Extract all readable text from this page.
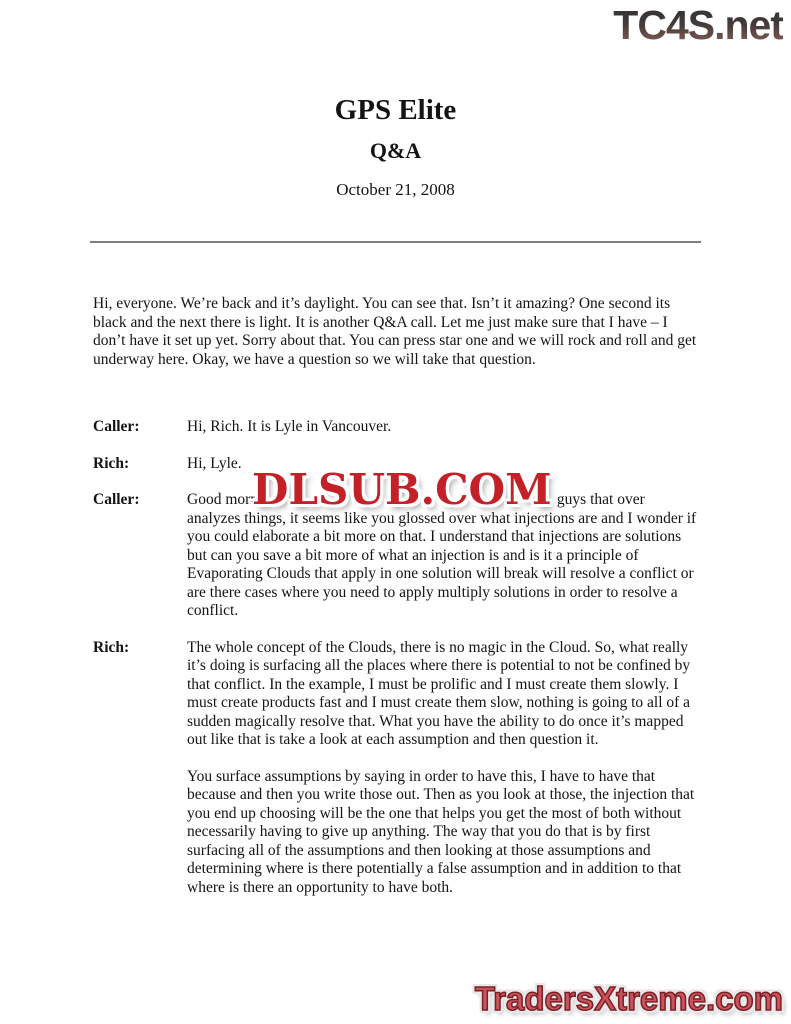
TC4S.net
GPS Elite
Q&A
October 21, 2008

Hi, everyone. We’re back and it’s daylight. You can see that. Isn’t it amazing? One second its black and the next there is light. It is another Q&A call. Let me just make sure that I have – I don’t have it set up yet. Sorry about that. You can press star one and we will rock and roll and get underway here. Okay, we have a question so we will take that question.

Caller:	Hi, Rich. It is Lyle in Vancouver.
Rich:	Hi, Lyle.
Caller:	Good morn
DLSUB.COM guys that over analyzes things, it seems like you glossed over what injections are and I wonder if you could elaborate a bit more on that. I understand that injections are solutions but can you save a bit more of what an injection is and is it a principle of Evaporating Clouds that apply in one solution will break will resolve a conflict or are there cases where you need to apply multiply solutions in order to resolve a conflict.
Rich:	The whole concept of the Clouds, there is no magic in the Cloud. So, what really it’s doing is surfacing all the places where there is potential to not be confined by that conflict. In the example, I must be prolific and I must create them slowly. I must create products fast and I must create them slow, nothing is going to all of a sudden magically resolve that. What you have the ability to do once it’s mapped out like that is take a look at each assumption and then question it.
You surface assumptions by saying in order to have this, I have to have that because and then you write those out. Then as you look at those, the injection that you end up choosing will be the one that helps you get the most of both without necessarily having to give up anything. The way that you do that is by first surfacing all of the assumptions and then looking at those assumptions and determining where is there potentially a false assumption and in addition to that where is there an opportunity to have both.
TradersXtreme.com
